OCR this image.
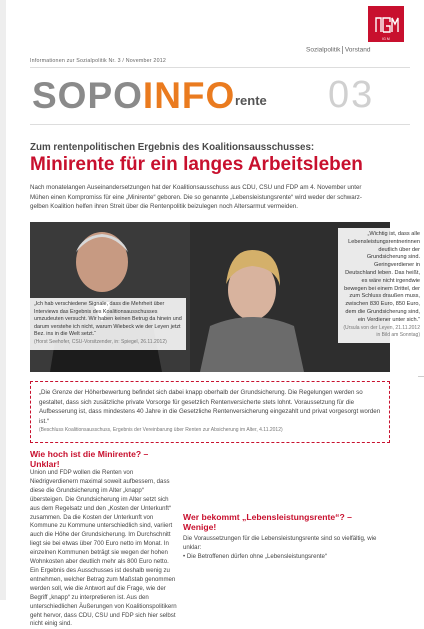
IG M
Sozialpolitik Vorstand
Informationen zur Sozialpolitik Nr. 3 / November 2012
SOPOINFO rente 03
Zum rentenpolitischen Ergebnis des Koalitionsausschusses:
Minirente für ein langes Arbeitsleben
Nach monatelangen Auseinandersetzungen hat der Koalitionsausschuss aus CDU, CSU und FDP am 4. November unter Mühen einen Kompromiss für eine „Minirente“ geboren. Die so genannte „Lebensleistungsrente“ wird weder der schwarz-gelben Koalition helfen ihren Streit über die Rentenpolitik beizulegen noch Altersarmut vermeiden.
„Ich hab verschiedene Signale, dass die Mehrheit über Interviews das Ergebnis des Koalitionsausschusses umzudeuten versucht. Wir haben keinen Betrug da hinein und darum verstehe ich nicht, warum Wiebeck wie der Leyen jetzt Bez. ins in die Welt setzt.“
(Horst Seehofer, CSU-Vorsitzender, in: Spiegel, 26.11.2012)
„Wichtig ist, dass alle Lebensleistungsrentnerinnen deutlich über der Grundsicherung sind. Geringverdiener in Deutschland leben. Das heißt, es wäre nicht irgendwie bewegen bei einem Drittel, der zum Schluss draußen muss, zwischen 830 Euro, 850 Euro, dem die Grundsicherung sind, ein Verdiener unter sich.“
(Ursula von der Leyen, 21.11.2012 in Bild am Sonntag)
„Die Grenze der Höherbewertung befindet sich dabei knapp oberhalb der Grundsicherung. Die Regelungen werden so gestaltet, dass sich zusätzliche private Vorsorge für gesetzlich Rentenversicherte stets lohnt. Voraussetzung für die Aufbesserung ist, dass mindestens 40 Jahre in die Gesetzliche Rentenversicherung eingezahlt und privat vorgesorgt worden ist.“
(Beschluss Koalitionsausschuss, Ergebnis der Vereinbarung über Renten zur Absicherung im Alter, 4.11.2012)
Wie hoch ist die Minirente? – Unklar!

Union und FDP wollen die Renten von Niedrigverdienern maximal soweit aufbessern, dass diese die Grundsicherung im Alter „knapp“ übersteigen. Die Grundsicherung im Alter setzt sich aus dem Regelsatz und den „Kosten der Unterkunft“ zusammen. Da die Kosten der Unterkunft von Kommune zu Kommune unterschiedlich sind, variiert auch die Höhe der Grundsicherung. Im Durchschnitt liegt sie bei etwas über 700 Euro netto im Monat. In einzelnen Kommunen beträgt sie wegen der hohen Wohnkosten aber deutlich mehr als 800 Euro netto. Ein Ergebnis des Ausschusses ist deshalb wenig zu entnehmen, welcher Betrag zum Maßstab genommen werden soll, wie die Antwort auf die Frage, wie der Begriff „knapp“ zu interpretieren ist. Aus den unterschiedlichen Äußerungen von Koalitionspolitikern geht hervor, dass CDU, CSU und FDP sich hier selbst nicht einig sind.

Wer bekommt „Lebensleistungsrente“? – Wenige!

Die Voraussetzungen für die Lebensleistungsrente sind so vielfältig, wie unklar:

• Die Betroffenen dürfen ohne „Lebensleistungsrente“
